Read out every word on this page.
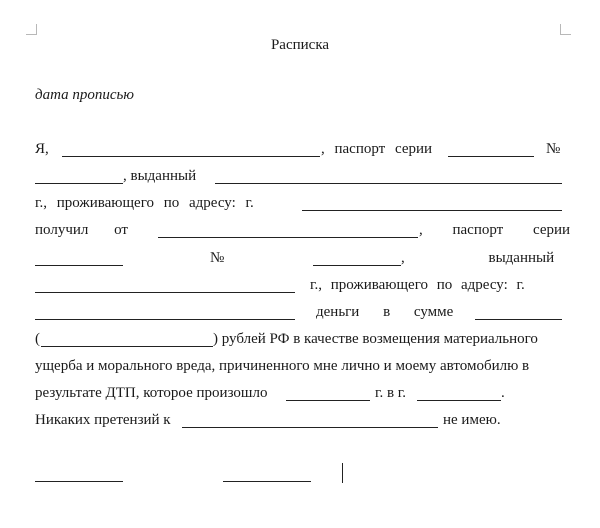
Расписка
дата прописью
Я,	, паспорт серии	№
, выданный
г., проживающего по адресу: г.
получил от	, паспорт серии
№	, выданный
г., проживающего по адресу: г.
деньги в сумме
(	) рублей РФ в качестве возмещения материального
ущерба и морального вреда, причиненного мне лично и моему автомобилю в
результате ДТП, которое произошло	г. в г.	.
Никаких претензий к	не имею.
